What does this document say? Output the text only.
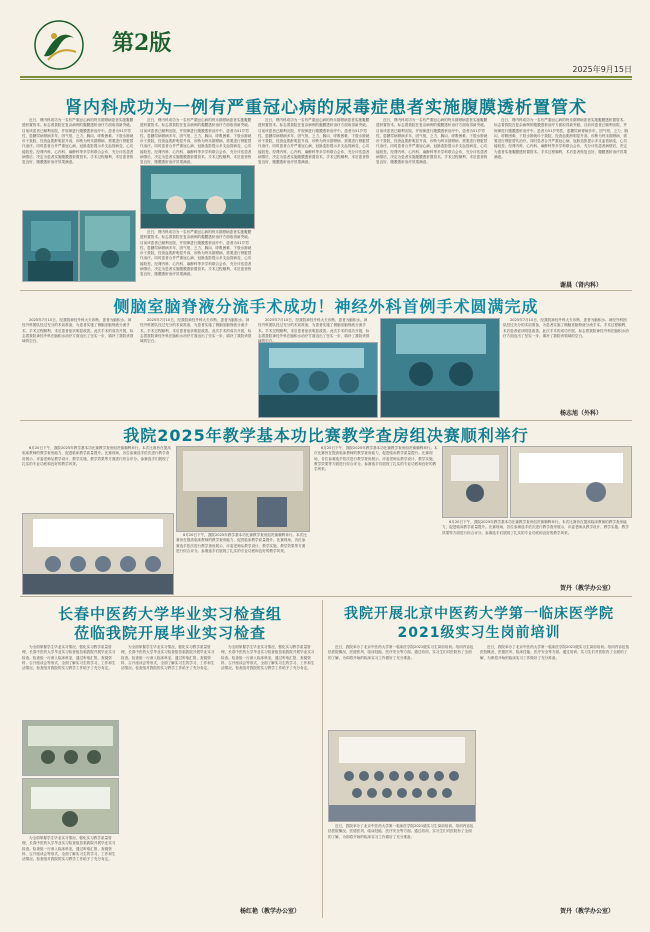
第2版
2025年9月15日
肾内科成功为一例有严重冠心病的尿毒症患者实施腹膜透析置管术

近日，肾内科成功为一名有严重冠心病的终末期肾病患者实施腹膜透析置管术。标志着我院在复杂病例的腹膜透析治疗方面取得新突破。目前该患者已顺利出院，并规律进行腹膜透析治疗中。患者为51岁男性，患糖尿病肾病多年，因气短、乏力、胸闷、呼吸困难、下肢水肿就诊于我院，经查血肌酐明显升高，诊断为终末期肾病，需要进行肾脏替代治疗。同时患者合并严重冠心病，冠脉造影提示多支血管病变，心功能较差。经肾内科、心内科、麻醉科等多学科联合会诊，充分评估患者病情后，决定为患者实施腹膜透析置管术。手术过程顺利，术后患者恢复良好，腹膜透析治疗效果满意。

近日，肾内科成功为一名有严重冠心病的终末期肾病患者实施腹膜透析置管术。标志着我院在复杂病例的腹膜透析治疗方面取得新突破。目前该患者已顺利出院，并规律进行腹膜透析治疗中。患者为51岁男性，患糖尿病肾病多年，因气短、乏力、胸闷、呼吸困难、下肢水肿就诊于我院，经查血肌酐明显升高，诊断为终末期肾病，需要进行肾脏替代治疗。同时患者合并严重冠心病，冠脉造影提示多支血管病变，心功能较差。经肾内科、心内科、麻醉科等多学科联合会诊，充分评估患者病情后，决定为患者实施腹膜透析置管术。手术过程顺利，术后患者恢复良好，腹膜透析治疗效果满意。

近日，肾内科成功为一名有严重冠心病的终末期肾病患者实施腹膜透析置管术。标志着我院在复杂病例的腹膜透析治疗方面取得新突破。目前该患者已顺利出院，并规律进行腹膜透析治疗中。患者为51岁男性，患糖尿病肾病多年，因气短、乏力、胸闷、呼吸困难、下肢水肿就诊于我院，经查血肌酐明显升高，诊断为终末期肾病，需要进行肾脏替代治疗。同时患者合并严重冠心病，冠脉造影提示多支血管病变，心功能较差。经肾内科、心内科、麻醉科等多学科联合会诊，充分评估患者病情后，决定为患者实施腹膜透析置管术。手术过程顺利，术后患者恢复良好，腹膜透析治疗效果满意。

近日，肾内科成功为一名有严重冠心病的终末期肾病患者实施腹膜透析置管术。标志着我院在复杂病例的腹膜透析治疗方面取得新突破。目前该患者已顺利出院，并规律进行腹膜透析治疗中。患者为51岁男性，患糖尿病肾病多年，因气短、乏力、胸闷、呼吸困难、下肢水肿就诊于我院，经查血肌酐明显升高，诊断为终末期肾病，需要进行肾脏替代治疗。同时患者合并严重冠心病，冠脉造影提示多支血管病变，心功能较差。经肾内科、心内科、麻醉科等多学科联合会诊，充分评估患者病情后，决定为患者实施腹膜透析置管术。手术过程顺利，术后患者恢复良好，腹膜透析治疗效果满意。

近日，肾内科成功为一名有严重冠心病的终末期肾病患者实施腹膜透析置管术。标志着我院在复杂病例的腹膜透析治疗方面取得新突破。目前该患者已顺利出院，并规律进行腹膜透析治疗中。患者为51岁男性，患糖尿病肾病多年，因气短、乏力、胸闷、呼吸困难、下肢水肿就诊于我院，经查血肌酐明显升高，诊断为终末期肾病，需要进行肾脏替代治疗。同时患者合并严重冠心病，冠脉造影提示多支血管病变，心功能较差。经肾内科、心内科、麻醉科等多学科联合会诊，充分评估患者病情后，决定为患者实施腹膜透析置管术。手术过程顺利，术后患者恢复良好，腹膜透析治疗效果满意。

近日，肾内科成功为一名有严重冠心病的终末期肾病患者实施腹膜透析置管术。标志着我院在复杂病例的腹膜透析治疗方面取得新突破。目前该患者已顺利出院，并规律进行腹膜透析治疗中。患者为51岁男性，患糖尿病肾病多年，因气短、乏力、胸闷、呼吸困难、下肢水肿就诊于我院，经查血肌酐明显升高，诊断为终末期肾病，需要进行肾脏替代治疗。同时患者合并严重冠心病，冠脉造影提示多支血管病变，心功能较差。经肾内科、心内科、麻醉科等多学科联合会诊，充分评估患者病情后，决定为患者实施腹膜透析置管术。手术过程顺利，术后患者恢复良好，腹膜透析治疗效果满意。

谢晨（肾内科）
侧脑室脑脊液分流手术成功！神经外科首例手术圆满完成

2025年7月10日，经我院神经外科大夫诊断，患者为脑积水。神经外科团队经过充分的术前准备，为患者实施了侧脑室脑脊液分流手术。手术过程顺利，术后患者症状明显改善。此次手术的成功开展，标志着我院神经外科在脑积水治疗方面迈出了坚实一步，填补了我院该领域的空白。

2025年7月10日，经我院神经外科大夫诊断，患者为脑积水。神经外科团队经过充分的术前准备，为患者实施了侧脑室脑脊液分流手术。手术过程顺利，术后患者症状明显改善。此次手术的成功开展，标志着我院神经外科在脑积水治疗方面迈出了坚实一步，填补了我院该领域的空白。

2025年7月10日，经我院神经外科大夫诊断，患者为脑积水。神经外科团队经过充分的术前准备，为患者实施了侧脑室脑脊液分流手术。手术过程顺利，术后患者症状明显改善。此次手术的成功开展，标志着我院神经外科在脑积水治疗方面迈出了坚实一步，填补了我院该领域的空白。

2025年7月10日，经我院神经外科大夫诊断，患者为脑积水。神经外科团队经过充分的术前准备，为患者实施了侧脑室脑脊液分流手术。手术过程顺利，术后患者症状明显改善。此次手术的成功开展，标志着我院神经外科在脑积水治疗方面迈出了坚实一步，填补了我院该领域的空白。

杨志旭（外科）
我院2025年教学基本功比赛教学查房组决赛顺利举行

6月20日下午，我院2025年教学基本功比赛教学查房组决赛顺利举行。本次比赛旨在提高临床教师的教学查房能力，促进临床教学质量提升。比赛现场，各位参赛选手依次进行教学查房展示，评委老师从教学设计、教学实施、教学效果等方面进行综合评分。参赛选手们展现了扎实的专业功底和良好的教学风采。

6月20日下午，我院2025年教学基本功比赛教学查房组决赛顺利举行。本次比赛旨在提高临床教师的教学查房能力，促进临床教学质量提升。比赛现场，各位参赛选手依次进行教学查房展示，评委老师从教学设计、教学实施、教学效果等方面进行综合评分。参赛选手们展现了扎实的专业功底和良好的教学风采。

6月20日下午，我院2025年教学基本功比赛教学查房组决赛顺利举行。本次比赛旨在提高临床教师的教学查房能力，促进临床教学质量提升。比赛现场，各位参赛选手依次进行教学查房展示，评委老师从教学设计、教学实施、教学效果等方面进行综合评分。参赛选手们展现了扎实的专业功底和良好的教学风采。

6月20日下午，我院2025年教学基本功比赛教学查房组决赛顺利举行。本次比赛旨在提高临床教师的教学查房能力，促进临床教学质量提升。比赛现场，各位参赛选手依次进行教学查房展示，评委老师从教学设计、教学实施、教学效果等方面进行综合评分。参赛选手们展现了扎实的专业功底和良好的教学风采。

贺丹（教学办公室）
长春中医药大学毕业实习检查组
莅临我院开展毕业实习检查

为全面掌握学生毕业实习情况，强化实习教学质量管理，长春中医药大学毕业实习检查组莅临我院开展毕业实习检查。检查组一行深入临床科室，通过听取汇报、查阅资料、召开座谈会等形式，全面了解实习生的学习、工作和生活情况。检查组对我院的实习教学工作给予了充分肯定。

为全面掌握学生毕业实习情况，强化实习教学质量管理，长春中医药大学毕业实习检查组莅临我院开展毕业实习检查。检查组一行深入临床科室，通过听取汇报、查阅资料、召开座谈会等形式，全面了解实习生的学习、工作和生活情况。检查组对我院的实习教学工作给予了充分肯定。

为全面掌握学生毕业实习情况，强化实习教学质量管理，长春中医药大学毕业实习检查组莅临我院开展毕业实习检查。检查组一行深入临床科室，通过听取汇报、查阅资料、召开座谈会等形式，全面了解实习生的学习、工作和生活情况。检查组对我院的实习教学工作给予了充分肯定。

为全面掌握学生毕业实习情况，强化实习教学质量管理，长春中医药大学毕业实习检查组莅临我院开展毕业实习检查。检查组一行深入临床科室，通过听取汇报、查阅资料、召开座谈会等形式，全面了解实习生的学习、工作和生活情况。检查组对我院的实习教学工作给予了充分肯定。

杨红艳（教学办公室）
我院开展北京中医药大学第一临床医学院
2021级实习生岗前培训

近日，我院举办了北京中医药大学第一临床医学院2021级实习生岗前培训。培训内容包括医院概况、医德医风、临床技能、医疗安全等方面。通过培训，实习生们对医院有了全面的了解，为即将开始的临床实习工作做好了充分准备。

近日，我院举办了北京中医药大学第一临床医学院2021级实习生岗前培训。培训内容包括医院概况、医德医风、临床技能、医疗安全等方面。通过培训，实习生们对医院有了全面的了解，为即将开始的临床实习工作做好了充分准备。

近日，我院举办了北京中医药大学第一临床医学院2021级实习生岗前培训。培训内容包括医院概况、医德医风、临床技能、医疗安全等方面。通过培训，实习生们对医院有了全面的了解，为即将开始的临床实习工作做好了充分准备。

贺丹（教学办公室）
